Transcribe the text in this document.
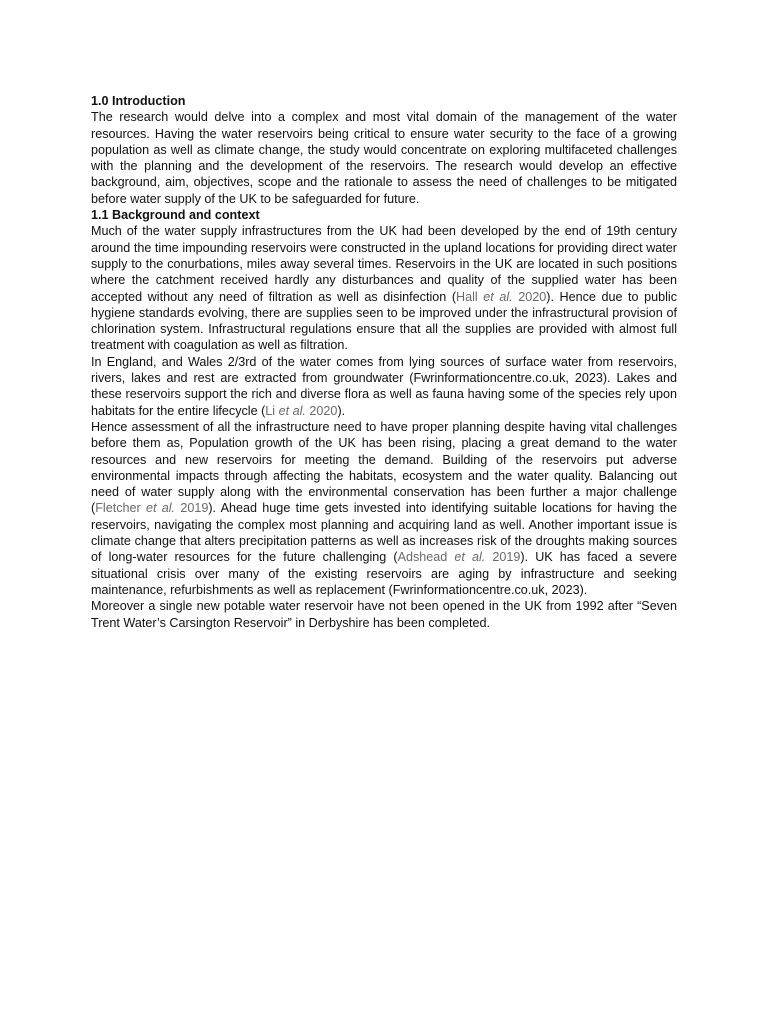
1.0 Introduction

The research would delve into a complex and most vital domain of the management of the water resources. Having the water reservoirs being critical to ensure water security to the face of a growing population as well as climate change, the study would concentrate on exploring multifaceted challenges with the planning and the development of the reservoirs. The research would develop an effective background, aim, objectives, scope and the rationale to assess the need of challenges to be mitigated before water supply of the UK to be safeguarded for future.

1.1 Background and context

Much of the water supply infrastructures from the UK had been developed by the end of 19th century around the time impounding reservoirs were constructed in the upland locations for providing direct water supply to the conurbations, miles away several times. Reservoirs in the UK are located in such positions where the catchment received hardly any disturbances and quality of the supplied water has been accepted without any need of filtration as well as disinfection (Hall et al. 2020). Hence due to public hygiene standards evolving, there are supplies seen to be improved under the infrastructural provision of chlorination system. Infrastructural regulations ensure that all the supplies are provided with almost full treatment with coagulation as well as filtration.

In England, and Wales 2/3rd of the water comes from lying sources of surface water from reservoirs, rivers, lakes and rest are extracted from groundwater (Fwrinformationcentre.co.uk, 2023). Lakes and these reservoirs support the rich and diverse flora as well as fauna having some of the species rely upon habitats for the entire lifecycle (Li et al. 2020).

Hence assessment of all the infrastructure need to have proper planning despite having vital challenges before them as, Population growth of the UK has been rising, placing a great demand to the water resources and new reservoirs for meeting the demand. Building of the reservoirs put adverse environmental impacts through affecting the habitats, ecosystem and the water quality. Balancing out need of water supply along with the environmental conservation has been further a major challenge (Fletcher et al. 2019). Ahead huge time gets invested into identifying suitable locations for having the reservoirs, navigating the complex most planning and acquiring land as well. Another important issue is climate change that alters precipitation patterns as well as increases risk of the droughts making sources of long-water resources for the future challenging (Adshead et al. 2019). UK has faced a severe situational crisis over many of the existing reservoirs are aging by infrastructure and seeking maintenance, refurbishments as well as replacement (Fwrinformationcentre.co.uk, 2023).

Moreover a single new potable water reservoir have not been opened in the UK from 1992 after “Seven Trent Water’s Carsington Reservoir” in Derbyshire has been completed.
